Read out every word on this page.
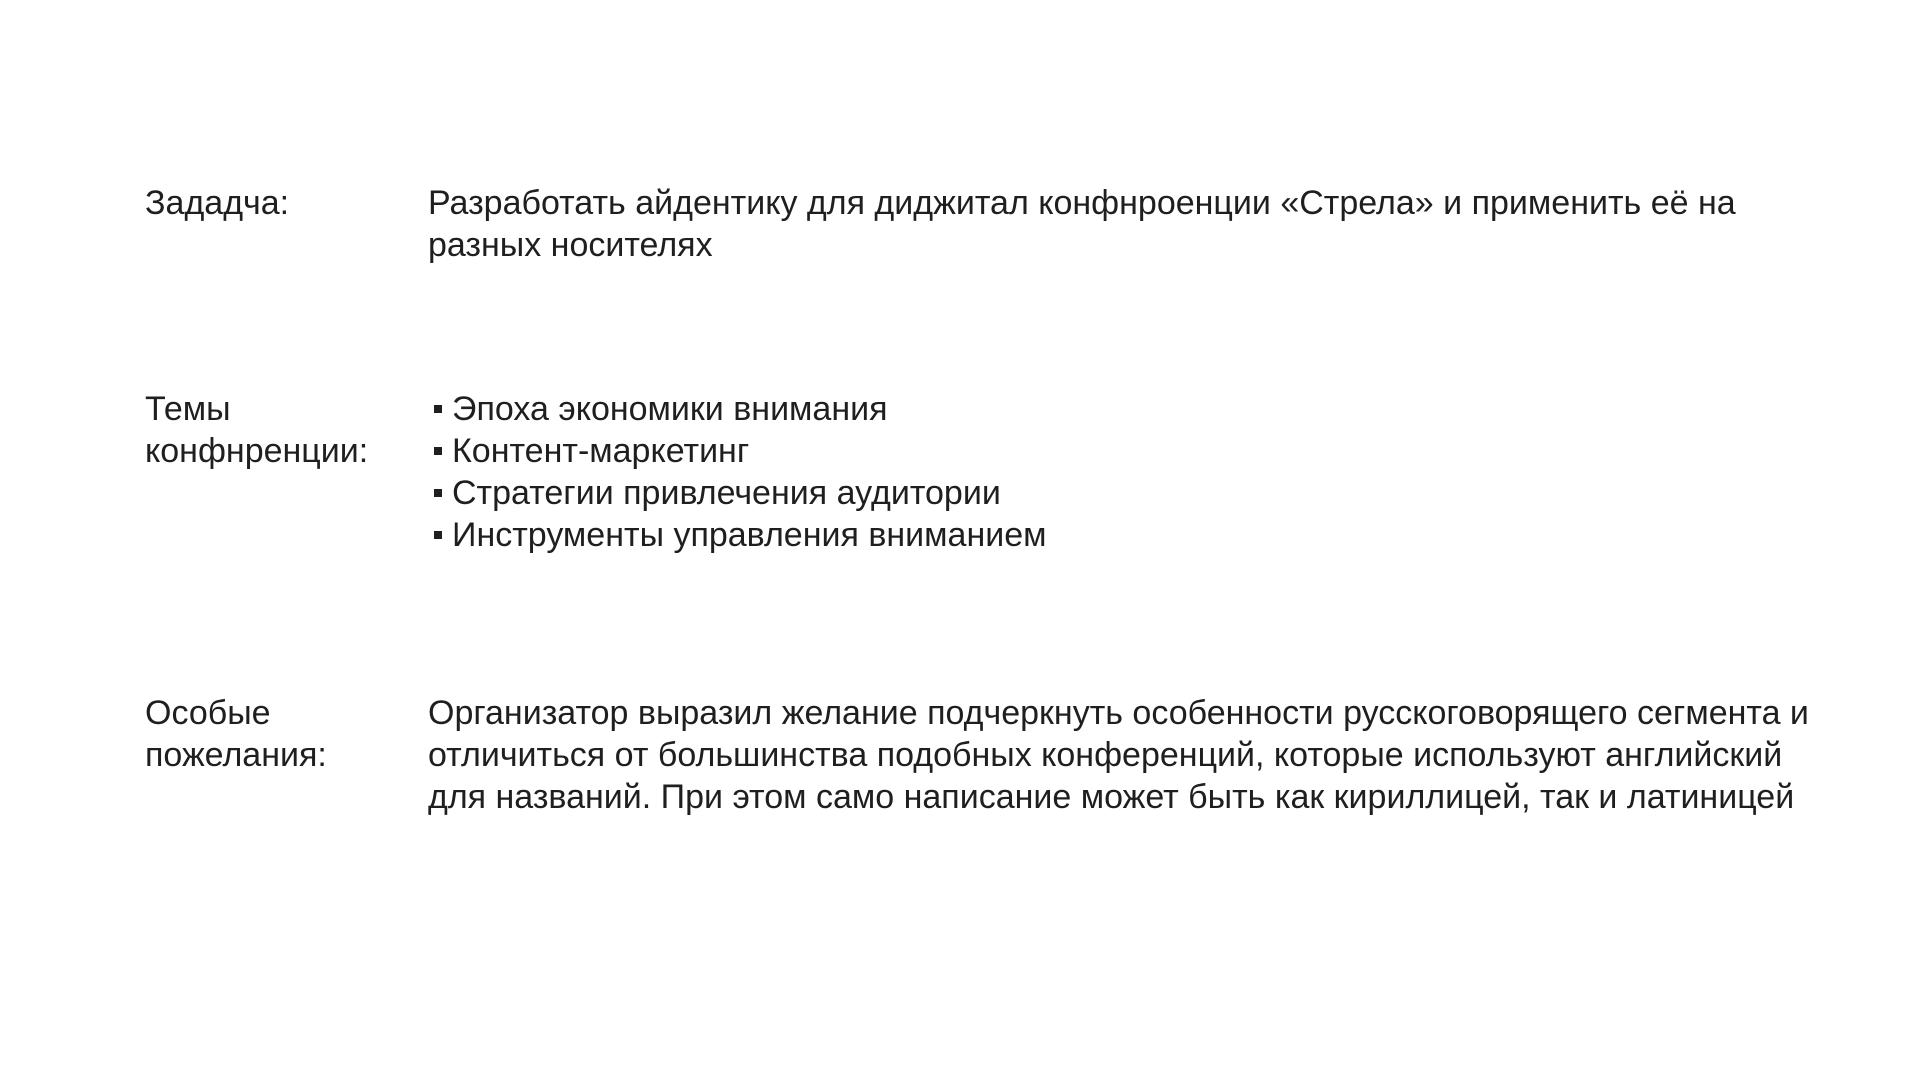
Зададча:	Разработать айдентику для диджитал конфнроенции «Стрела» и применить её на разных носителях
Темы
конфнренции:
Эпоха экономики внимания
Контент-маркетинг
Стратегии привлечения аудитории
Инструменты управления вниманием
Особые
пожелания:
Организатор выразил желание подчеркнуть особенности русскоговорящего сегмента и отличиться от большинства подобных конференций, которые используют английский для названий. При этом само написание может быть как кириллицей, так и латиницей
